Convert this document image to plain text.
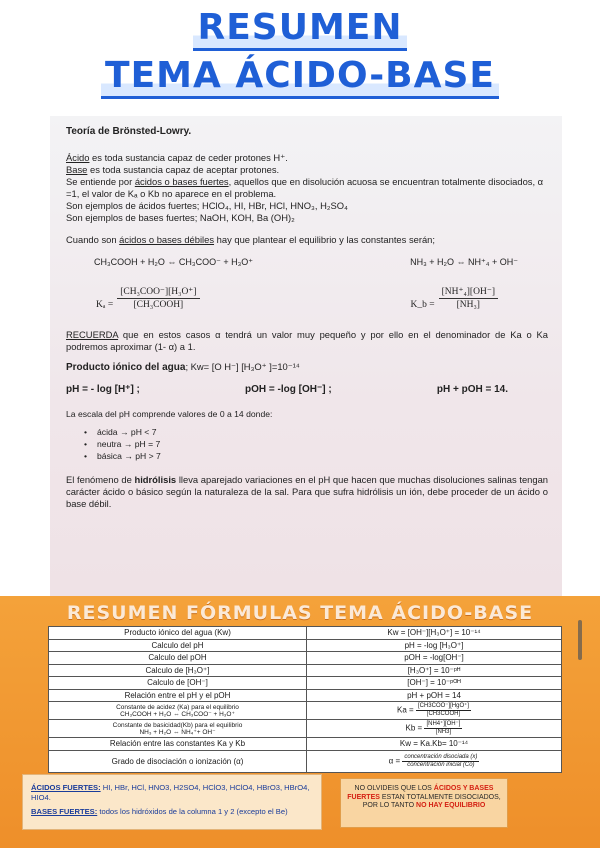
RESUMEN
TEMA ÁCIDO-BASE

Teoría de Brönsted-Lowry.

Ácido es toda sustancia capaz de ceder protones H⁺.
Base es toda sustancia capaz de aceptar protones.
Se entiende por ácidos o bases fuertes, aquellos que en disolución acuosa se encuentran totalmente disociados, α =1, el valor de Kₐ o Kb no aparece en el problema.
Son ejemplos de ácidos fuertes; HClO₄, HI, HBr, HCl, HNO₃, H₂SO₄
Son ejemplos de bases fuertes; NaOH, KOH, Ba (OH)₂

Cuando son ácidos o bases débiles hay que plantear el equilibrio y las constantes serán;

CH₃COOH + H₂O ⇔ CH₃COO⁻ + H₃O⁺	NH₃ + H₂O ⇔ NH⁺₄ + OH⁻
$K_a = \frac{\text{[CH₃COO⁻][H₃O⁺]}}{\text{[CH₃COOH]}}$	K_b = $\frac{\text{[NH⁺₄][OH⁻]}}{\text{[NH₃]}}$

RECUERDA que en estos casos α tendrá un valor muy pequeño y por ello en el denominador de Ka o Ka podremos aproximar (1- α) a 1.

Producto iónico del agua; Kw= [O H⁻] [H₃O⁺ ]=10⁻¹⁴

pH = - log [H⁺] ;	pOH = -log [OH⁻] ;	pH + pOH = 14.

La escala del pH comprende valores de 0 a 14 donde:

• ácida → pH < 7
• neutra → pH = 7
• básica → pH > 7

El fenómeno de hidrólisis lleva aparejado variaciones en el pH que hacen que muchas disoluciones salinas tengan carácter ácido o básico según la naturaleza de la sal. Para que sufra hidrólisis un ión, debe proceder de un ácido o base débil.

RESUMEN FÓRMULAS TEMA ÁCIDO-BASE
Producto iónico del agua (Kw)	Kw = [OH⁻][H₃O⁺] = 10⁻¹⁴
Calculo del pH	pH = -log [H₃O⁺]
Calculo del pOH	pOH = -log[OH⁻]
Calculo de [H₃O⁺]	[H₃O⁺] = 10⁻ᵖᴴ
Calculo de [OH⁻]	[OH⁻] = 10⁻ᵖᴼᴴ
Relación entre el pH y el pOH	pH + pOH = 14
Constante de acidez (Ka) para el equilibrio
CH₃COOH + H₂O ⇔ CH₃COO⁻ + H₃O⁺	Ka = [CH3COO⁻][HgO⁺]
[CH3COOH]

Constante de basicidad(Kb) para el equilibrio
NH₃ + H₂O ⇔ NH₄⁺+ OH⁻	$Kb = \frac{[NH4^+][OH^-]}{[NH3]}$

Relación entre las constantes Ka y Kb	Kw = Ka.Kb= 10⁻¹⁴
Grado de disociación o ionización (α)	α = concentración disociada (x)
concentración inicial (Co)
ÁCIDOS FUERTES: HI, HBr, HCl, HNO3, H2SO4, HClO3, HClO4, HBrO3, HBrO4, HIO4.

BASES FUERTES: todos los hidróxidos de la columna 1 y 2 (excepto el Be)
NO OLVIDEIS QUE LOS ÁCIDOS Y BASES FUERTES ESTAN TOTALMENTE DISOCIADOS, POR LO TANTO NO HAY EQUILIBRIO
